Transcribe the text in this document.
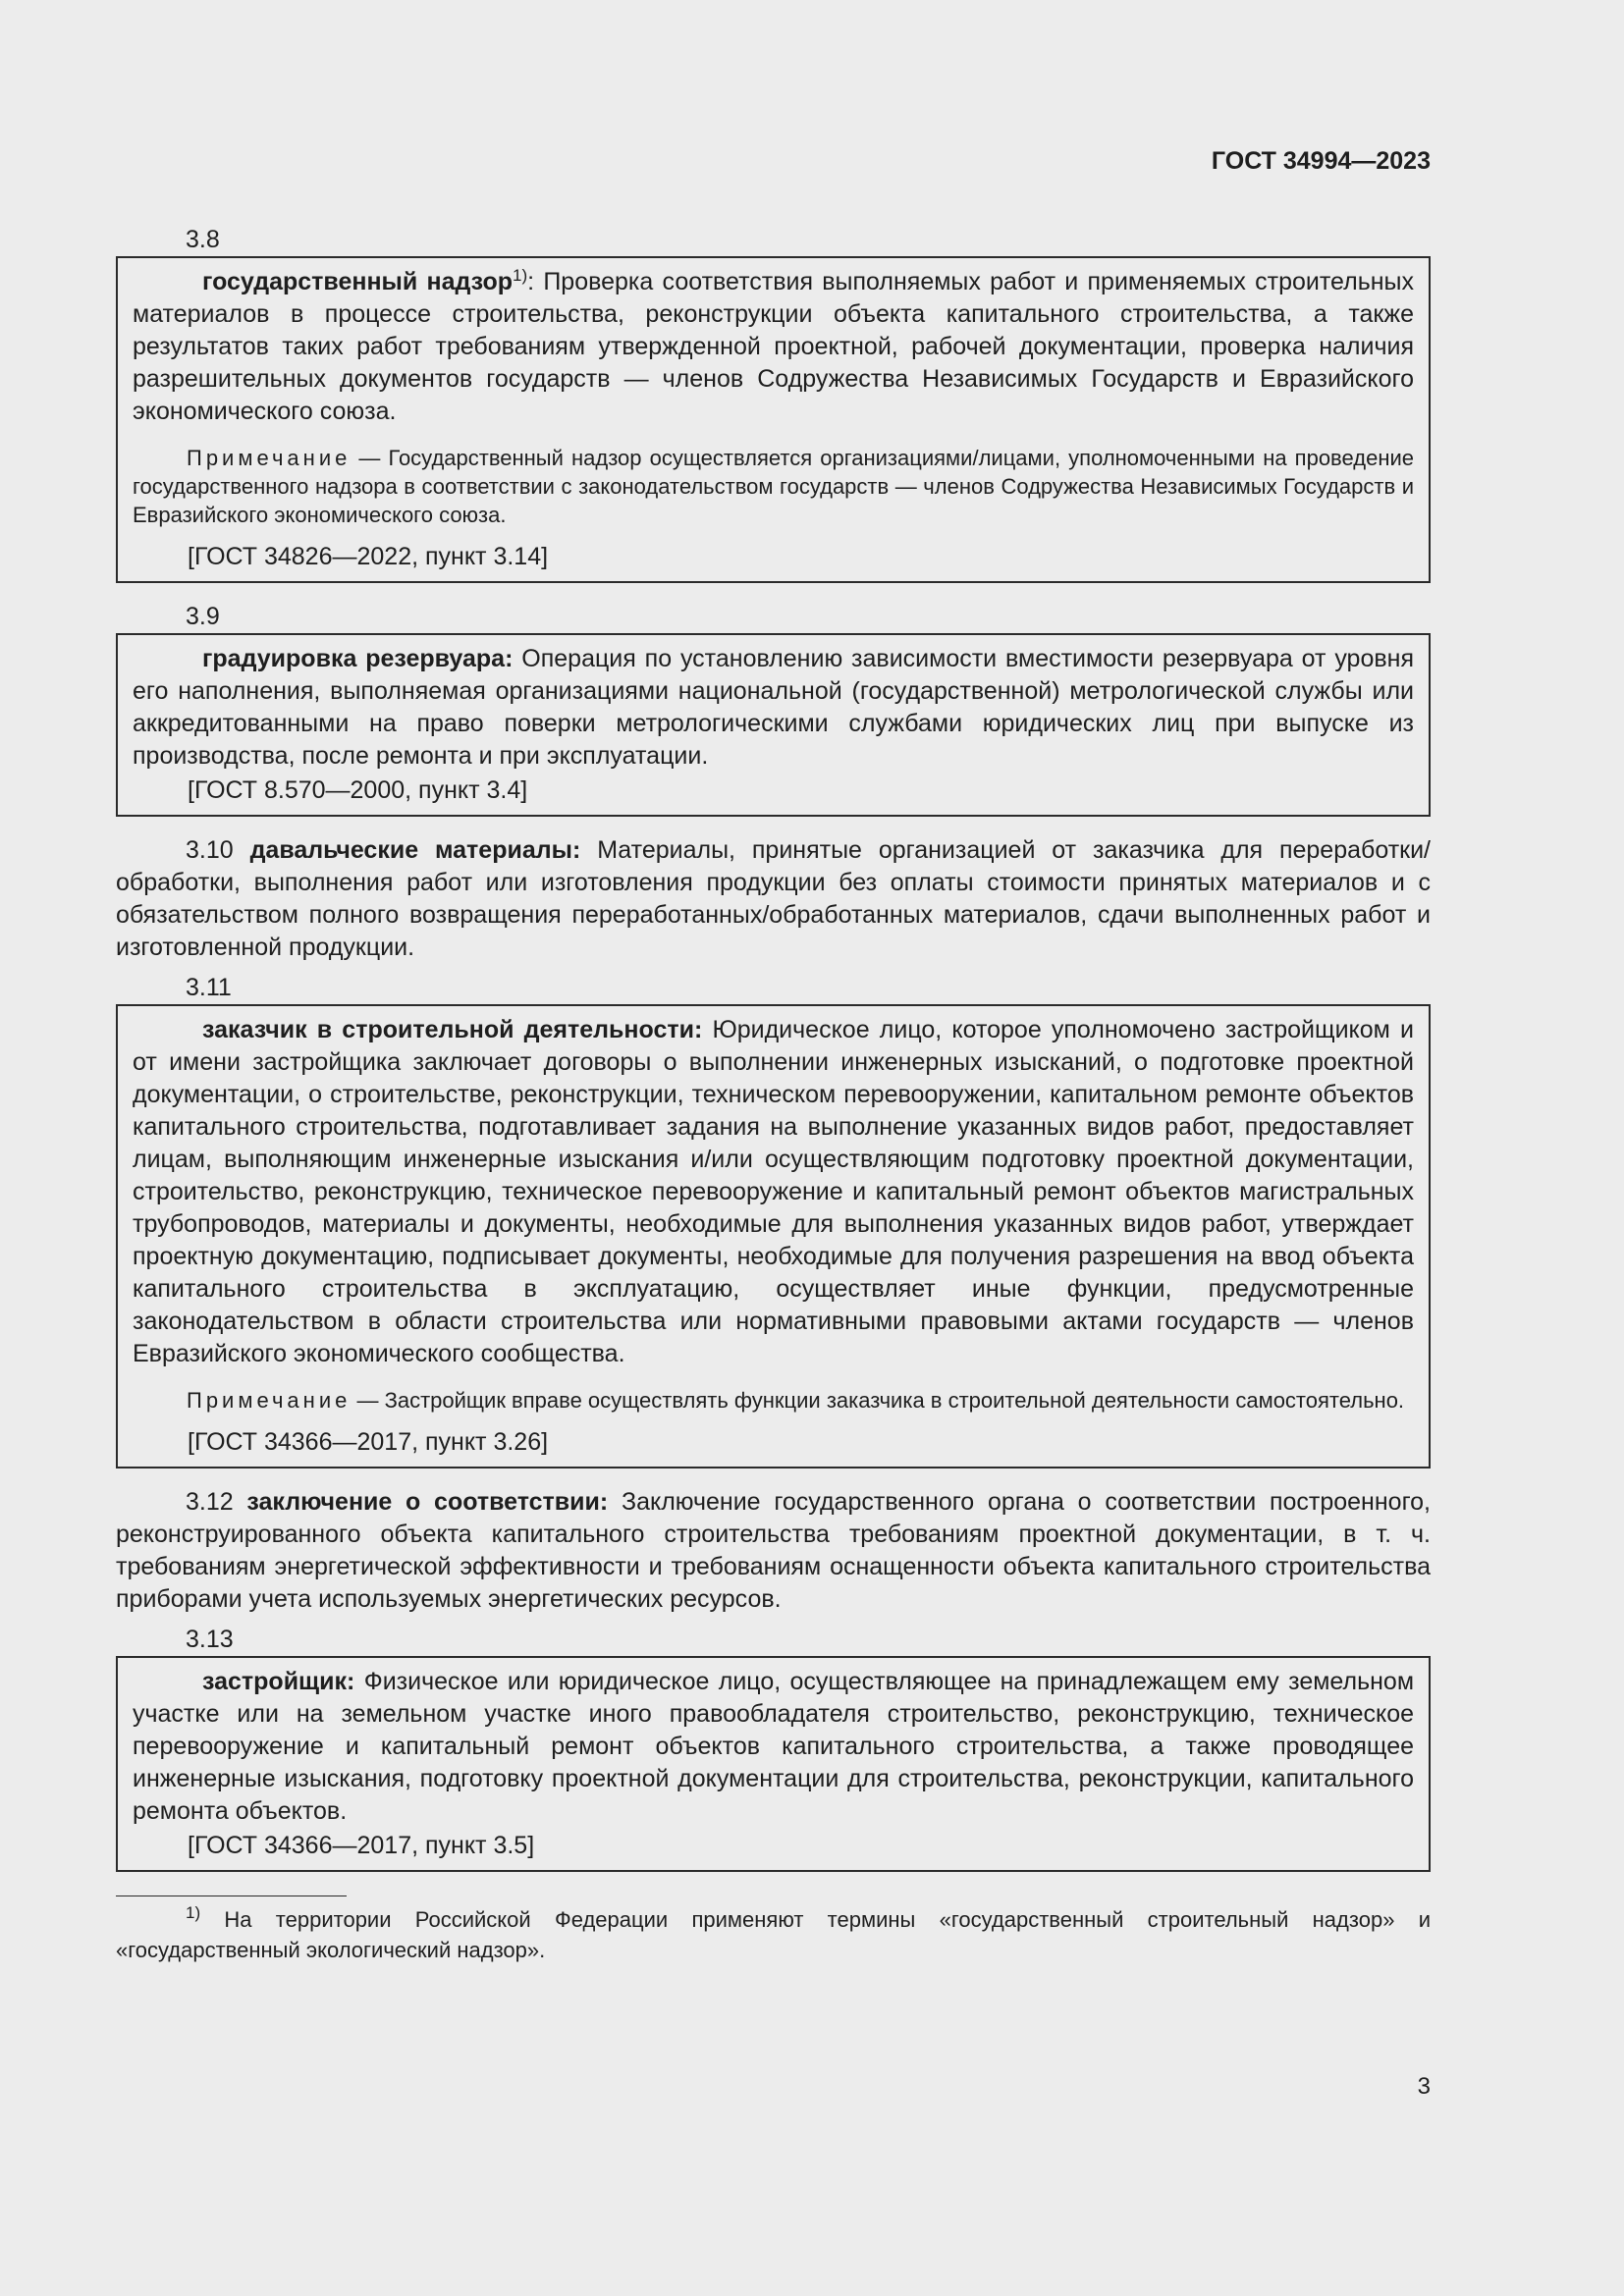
ГОСТ 34994—2023
3.8

государственный надзор$^{1)}$: Проверка соответствия выполняемых работ и применяемых строительных материалов в процессе строительства, реконструкции объекта капитального строительства, а также результатов таких работ требованиям утвержденной проектной, рабочей документации, проверка наличия разрешительных документов государств — членов Содружества Независимых Государств и Евразийского экономического союза.

Примечание — Государственный надзор осуществляется организациями/лицами, уполномоченными на проведение государственного надзора в соответствии с законодательством государств — членов Содружества Независимых Государств и Евразийского экономического союза.

[ГОСТ 34826—2022, пункт 3.14]
3.9

градуировка резервуара: Операция по установлению зависимости вместимости резервуара от уровня его наполнения, выполняемая организациями национальной (государственной) метрологической службы или аккредитованными на право поверки метрологическими службами юридических лиц при выпуске из производства, после ремонта и при эксплуатации.

[ГОСТ 8.570—2000, пункт 3.4]

3.10 давальческие материалы: Материалы, принятые организацией от заказчика для переработки/обработки, выполнения работ или изготовления продукции без оплаты стоимости принятых материалов и с обязательством полного возвращения переработанных/обработанных материалов, сдачи выполненных работ и изготовленной продукции.

3.11

заказчик в строительной деятельности: Юридическое лицо, которое уполномочено застройщиком и от имени застройщика заключает договоры о выполнении инженерных изысканий, о подготовке проектной документации, о строительстве, реконструкции, техническом перевооружении, капитальном ремонте объектов капитального строительства, подготавливает задания на выполнение указанных видов работ, предоставляет лицам, выполняющим инженерные изыскания и/или осуществляющим подготовку проектной документации, строительство, реконструкцию, техническое перевооружение и капитальный ремонт объектов магистральных трубопроводов, материалы и документы, необходимые для выполнения указанных видов работ, утверждает проектную документацию, подписывает документы, необходимые для получения разрешения на ввод объекта капитального строительства в эксплуатацию, осуществляет иные функции, предусмотренные законодательством в области строительства или нормативными правовыми актами государств — членов Евразийского экономического сообщества.

Примечание — Застройщик вправе осуществлять функции заказчика в строительной деятельности самостоятельно.

[ГОСТ 34366—2017, пункт 3.26]

3.12 заключение о соответствии: Заключение государственного органа о соответствии построенного, реконструированного объекта капитального строительства требованиям проектной документации, в т. ч. требованиям энергетической эффективности и требованиям оснащенности объекта капитального строительства приборами учета используемых энергетических ресурсов.

3.13

застройщик: Физическое или юридическое лицо, осуществляющее на принадлежащем ему земельном участке или на земельном участке иного правообладателя строительство, реконструкцию, техническое перевооружение и капитальный ремонт объектов капитального строительства, а также проводящее инженерные изыскания, подготовку проектной документации для строительства, реконструкции, капитального ремонта объектов.

[ГОСТ 34366—2017, пункт 3.5]

$^{1)}$ На территории Российской Федерации применяют термины «государственный строительный надзор» и «государственный экологический надзор».

3
